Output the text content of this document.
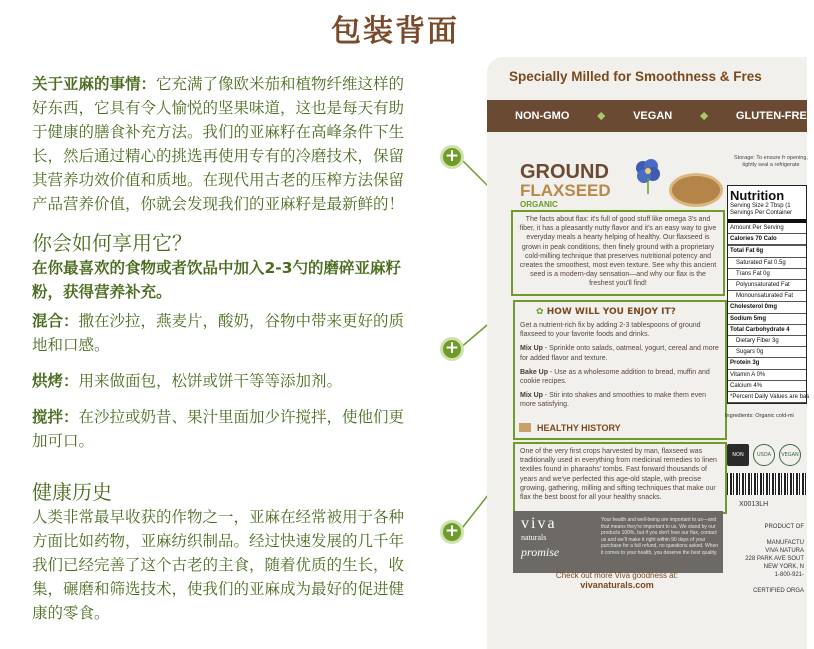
包装背面

关于亚麻的事情：它充满了像欧米茄和植物纤维这样的好东西，它具有令人愉悦的坚果味道，这也是每天有助于健康的膳食补充方法。我们的亚麻籽在高峰条件下生长，然后通过精心的挑选再使用专有的冷磨技术，保留其营养功效价值和质地。在现代用古老的压榨方法保留产品营养价值，你就会发现我们的亚麻籽是最新鲜的！

你会如何享用它？

在你最喜欢的食物或者饮品中加入2-3勺的磨碎亚麻籽粉，获得营养补充。

混合：撒在沙拉，燕麦片，酸奶，谷物中带来更好的质地和口感。

烘烤：用来做面包，松饼或饼干等等添加剂。

搅拌：在沙拉或奶昔、果汁里面加少许搅拌，使他们更加可口。

健康历史

人类非常最早收获的作物之一，亚麻在经常被用于各种方面比如药物，亚麻纺织制品。经过快速发展的几千年我们已经完善了这个古老的主食，随着优质的生长，收集，碾磨和筛选技术，使我们的亚麻成为最好的促进健康的零食。

Specially Milled for Smoothness & Fres
NON-GMO	⬥	VEGAN	⬥	GLUTEN-FREE
GROUND
FLAXSEED
ORGANIC
Storage: To ensure fr opening, tightly seal a refrigerate
The facts about flax: it's full of good stuff like omega 3's and fiber, it has a pleasantly nutty flavor and it's an easy way to give everyday meals a hearty helping of healthy. Our flaxseed is grown in peak conditions, then finely ground with a proprietary cold-milling technique that preserves nutritional potency and creates the smoothest, most even texture. See why this ancient seed is a modern-day sensation—and why our flax is the freshest you'll find!
✿ HOW WILL YOU ENJOY IT?
Get a nutrient-rich fix by adding 2-3 tablespoons of ground flaxseed to your favorite foods and drinks.
Mix Up - Sprinkle onto salads, oatmeal, yogurt, cereal and more for added flavor and texture.
Bake Up - Use as a wholesome addition to bread, muffin and cookie recipes.
Mix Up - Stir into shakes and smoothies to make them even more satisfying.
HEALTHY HISTORY
One of the very first crops harvested by man, flaxseed was traditionally used in everything from medicinal remedies to linen textiles found in pharaohs' tombs. Fast forward thousands of years and we've perfected this age-old staple, with precise growing, gathering, milling and sifting techniques that make our flax the best boost for all your healthy snacks.
viva
naturals
promise
Your health and well-being are important to us—and that means they're important to us. We stand by our products 100%, but if you don't love our flax, contact us and we'll make it right within 90 days of your purchase for a full refund, no questions asked. When it comes to your health, you deserve the best quality.
Check out more Viva goodness at:
vivanaturals.com
Nutrition
Serving Size 2 Tbsp (1
Servings Per Container
Amount Per Serving
Calories 70 Calo
Total Fat 6g
Saturated Fat 0.5g
Trans Fat 0g
Polyunsaturated Fat
Monounsaturated Fat
Cholesterol 0mg
Sodium 5mg
Total Carbohydrate 4
Dietary Fiber 3g
Sugars 0g
Protein 3g
Vitamin A 0%
Calcium 4%
*Percent Daily Values are bas
Ingredients: Organic cold-mi
NON	USDA	VEGAN
X0013LH
PRODUCT OF

MANUFACTU
VIVA NATURA
228 PARK AVE SOUT
NEW YORK, N
1-800-921-

CERTIFIED ORGA
+
+
+
